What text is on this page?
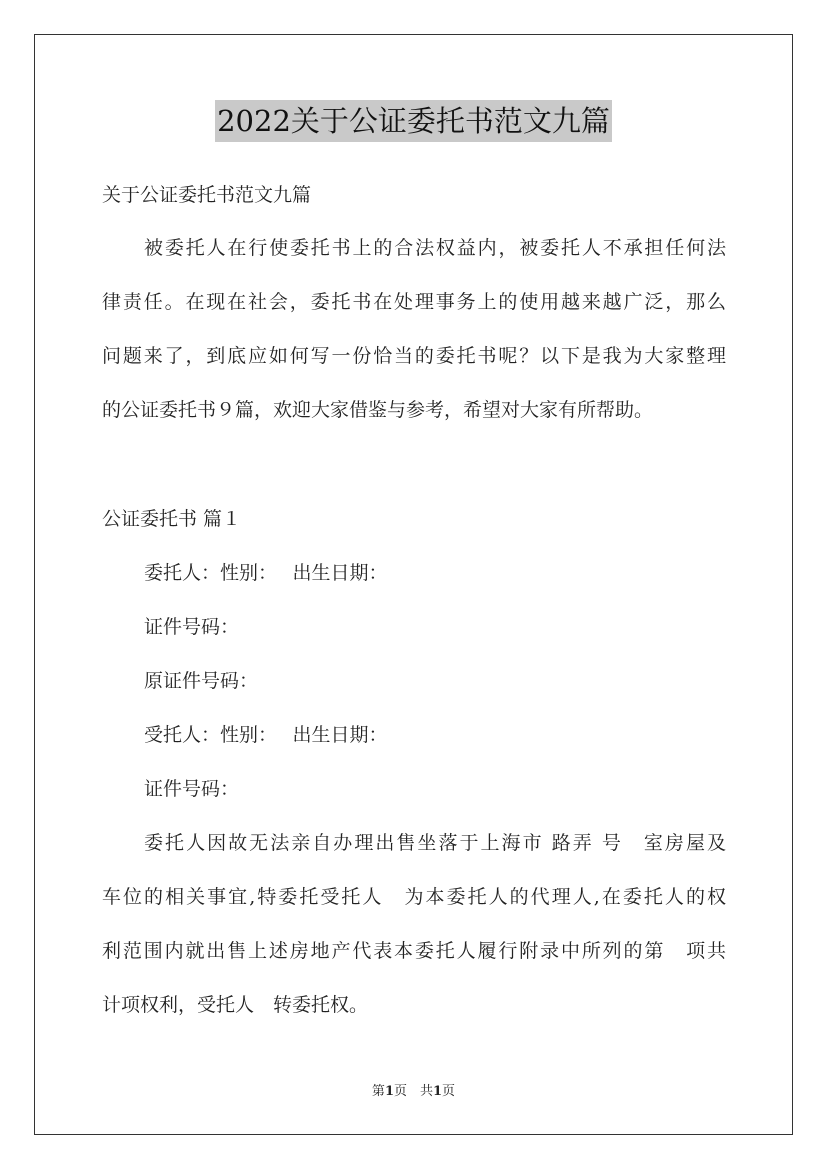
2022关于公证委托书范文九篇
关于公证委托书范文九篇
被委托人在行使委托书上的合法权益内，被委托人不承担任何法
律责任。在现在社会，委托书在处理事务上的使用越来越广泛，那么
问题来了，到底应如何写一份恰当的委托书呢？以下是我为大家整理
的公证委托书９篇，欢迎大家借鉴与参考，希望对大家有所帮助。
公证委托书 篇１
委托人：性别：　 出生日期：
证件号码：
原证件号码：
受托人：性别：　 出生日期：
证件号码：
委托人因故无法亲自办理出售坐落于上海市 路弄 号　室房屋及
车位的相关事宜,特委托受托人　为本委托人的代理人,在委托人的权
利范围内就出售上述房地产代表本委托人履行附录中所列的第　项共
计项权利，受托人　转委托权。
第1页　共1页
